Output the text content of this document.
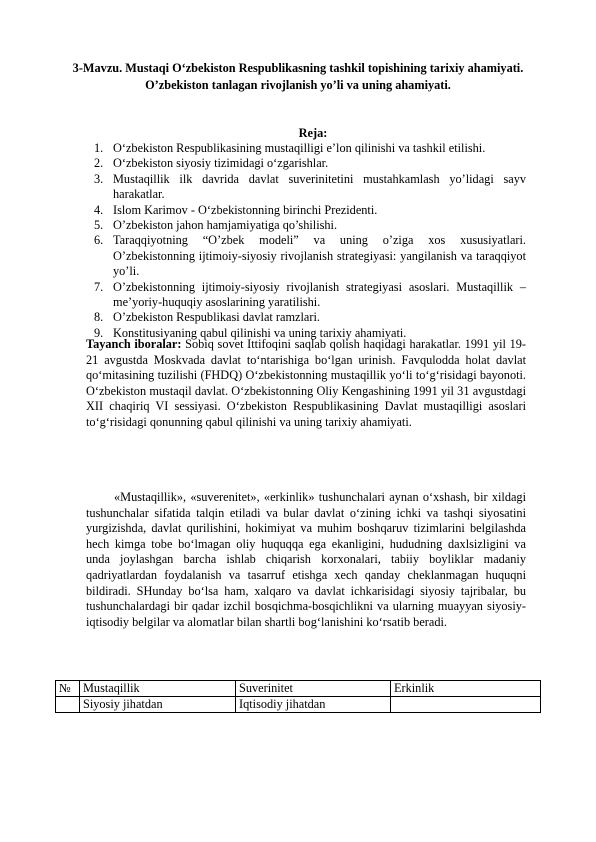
3-Mavzu. Mustaqi O‘zbekiston Respublikasning tashkil topishining tarixiy ahamiyati. O’zbekiston tanlagan rivojlanish yo’li va uning ahamiyati.
Reja:
1. O‘zbekiston Respublikasining mustaqilligi e’lon qilinishi va tashkil etilishi.
2. O‘zbekiston siyosiy tizimidagi o‘zgarishlar.
3. Mustaqillik ilk davrida davlat suverinitetini mustahkamlash yo’lidagi sayv harakatlar.
4. Islom Karimov - O‘zbekistonning birinchi Prezidenti.
5. O’zbekiston jahon hamjamiyatiga qo’shilishi.
6. Taraqqiyotning “O’zbek modeli” va uning o’ziga xos xususiyatlari. O’zbekistonning ijtimoiy-siyosiy rivojlanish strategiyasi: yangilanish va taraqqiyot yo’li.
7. O’zbekistonning ijtimoiy-siyosiy rivojlanish strategiyasi asoslari. Mustaqillik – me’yoriy-huquqiy asoslarining yaratilishi.
8. O’zbekiston Respublikasi davlat ramzlari.
9. Konstitusiyaning qabul qilinishi va uning tarixiy ahamiyati.

Tayanch iboralar: Sobiq sovet Ittifoqini saqlab qolish haqidagi harakatlar. 1991 yil 19-21 avgustda Moskvada davlat to‘ntarishiga bo‘lgan urinish. Favqulodda holat davlat qo‘mitasining tuzilishi (FHDQ) O‘zbekistonning mustaqillik yo‘li to‘g‘risidagi bayonoti. O‘zbekiston mustaqil davlat. O‘zbekistonning Oliy Kengashining 1991 yil 31 avgustdagi XII chaqiriq VI sessiyasi. O‘zbekiston Respublikasining Davlat mustaqilligi asoslari to‘g‘risidagi qonunning qabul qilinishi va uning tarixiy ahamiyati.

«Mustaqillik», «suverenitet», «erkinlik» tushunchalari aynan o‘xshash, bir xildagi tushunchalar sifatida talqin etiladi va bular davlat o‘zining ichki va tashqi siyosatini yurgizishda, davlat qurilishini, hokimiyat va muhim boshqaruv tizimlarini belgilashda hech kimga tobe bo‘lmagan oliy huquqqa ega ekanligini, hududning daxlsizligini va unda joylashgan barcha ishlab chiqarish korxonalari, tabiiy boyliklar madaniy qadriyatlardan foydalanish va tasarruf etishga xech qanday cheklanmagan huquqni bildiradi. SHunday bo‘lsa ham, xalqaro va davlat ichkarisidagi siyosiy tajribalar, bu tushunchalardagi bir qadar izchil bosqichma-bosqichlikni va ularning muayyan siyosiy-iqtisodiy belgilar va alomatlar bilan shartli bog‘lanishini ko‘rsatib beradi.

№	Mustaqillik	Suverinitet	Erkinlik
	Siyosiy jihatdan	Iqtisodiy jihatdan	
